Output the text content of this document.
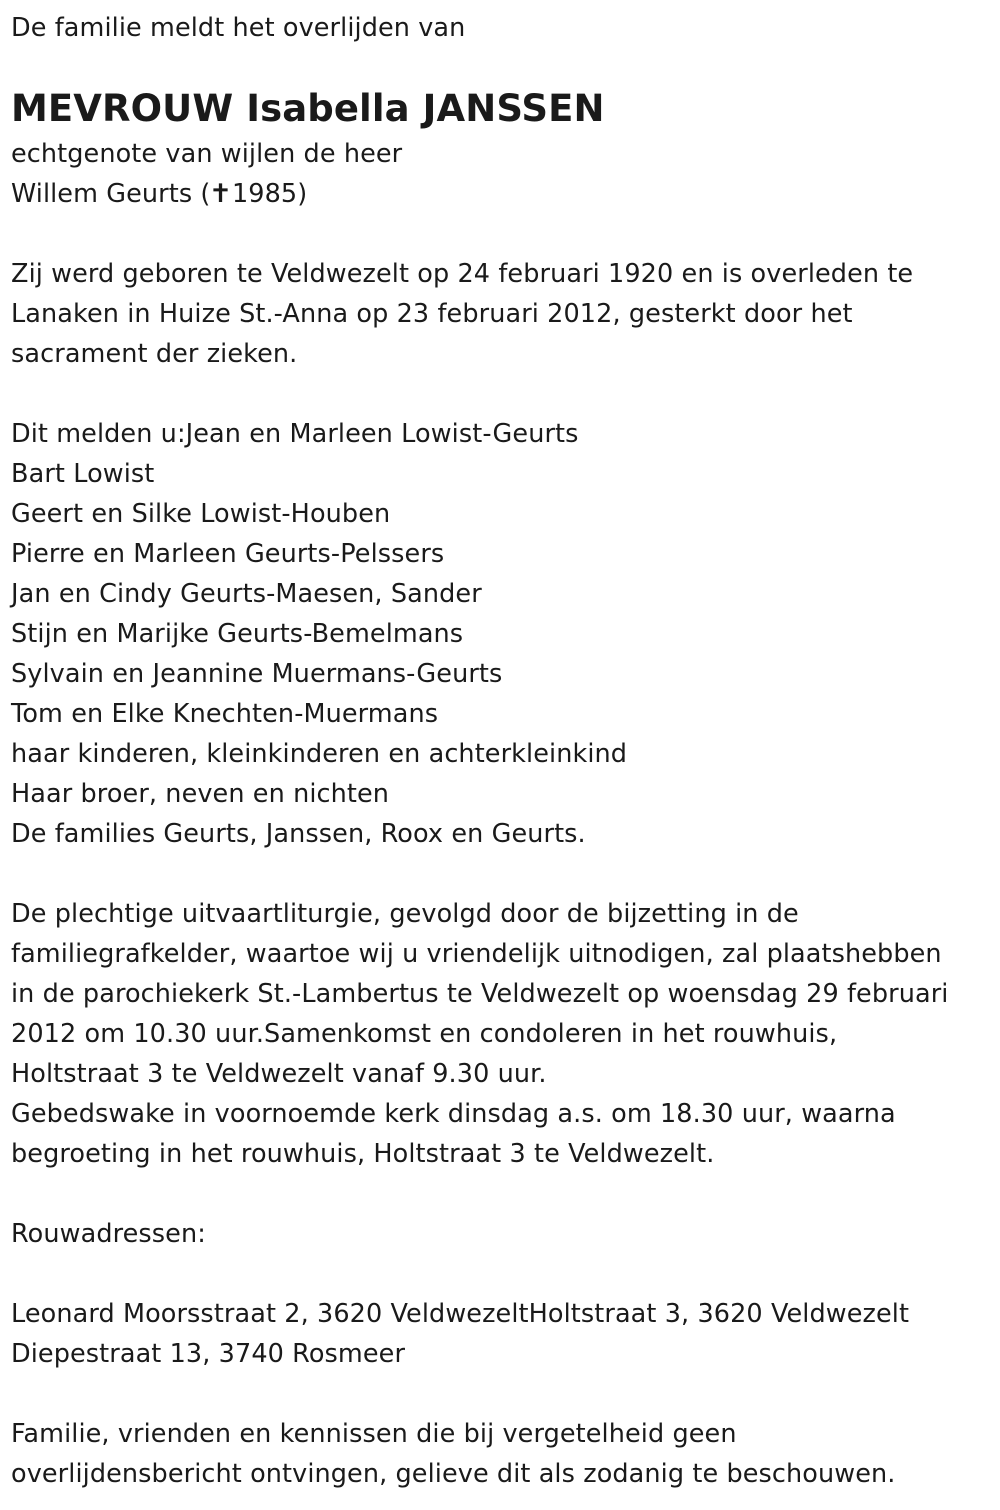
De familie meldt het overlijden van
MEVROUW Isabella JANSSEN
echtgenote van wijlen de heer
Willem Geurts (✝1985)
Zij werd geboren te Veldwezelt op 24 februari 1920 en is overleden te
Lanaken in Huize St.-Anna op 23 februari 2012, gesterkt door het
sacrament der zieken.
Dit melden u:Jean en Marleen Lowist-Geurts
Bart Lowist
Geert en Silke Lowist-Houben
Pierre en Marleen Geurts-Pelssers
Jan en Cindy Geurts-Maesen, Sander
Stijn en Marijke Geurts-Bemelmans
Sylvain en Jeannine Muermans-Geurts
Tom en Elke Knechten-Muermans
haar kinderen, kleinkinderen en achterkleinkind
Haar broer, neven en nichten
De families Geurts, Janssen, Roox en Geurts.
De plechtige uitvaartliturgie, gevolgd door de bijzetting in de
familiegrafkelder, waartoe wij u vriendelijk uitnodigen, zal plaatshebben
in de parochiekerk St.-Lambertus te Veldwezelt op woensdag 29 februari
2012 om 10.30 uur.Samenkomst en condoleren in het rouwhuis,
Holtstraat 3 te Veldwezelt vanaf 9.30 uur.
Gebedswake in voornoemde kerk dinsdag a.s. om 18.30 uur, waarna
begroeting in het rouwhuis, Holtstraat 3 te Veldwezelt.
Rouwadressen:
Leonard Moorsstraat 2, 3620 VeldwezeltHoltstraat 3, 3620 Veldwezelt
Diepestraat 13, 3740 Rosmeer
Familie, vrienden en kennissen die bij vergetelheid geen
overlijdensbericht ontvingen, gelieve dit als zodanig te beschouwen.
